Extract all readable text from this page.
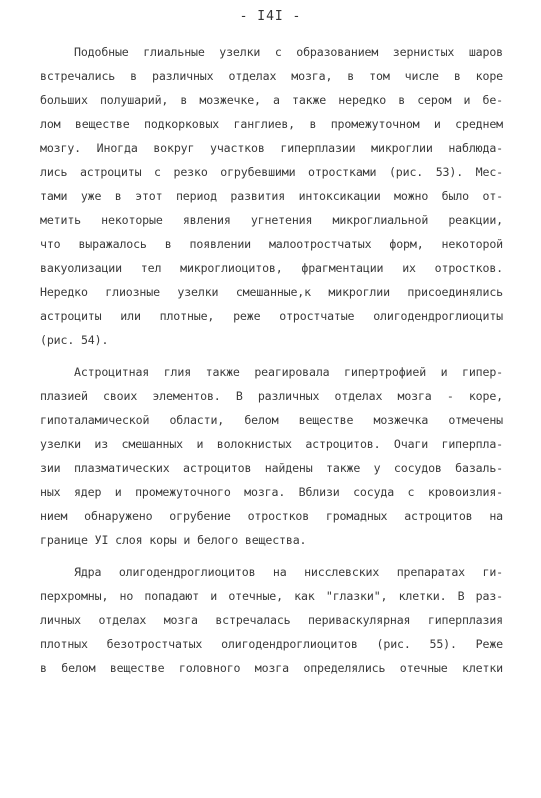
- I4I -
Подобные глиальные узелки с образованием зернистых шаров
встречались в различных отделах мозга, в том числе в коре
больших полушарий, в мозжечке, а также нередко в сером и бе-
лом веществе подкорковых ганглиев, в промежуточном и среднем
мозгу. Иногда вокруг участков гиперплазии микроглии наблюда-
лись астроциты с резко огрубевшими отростками (рис. 53). Мес-
тами уже в этот период развития интоксикации можно было от-
метить некоторые явления угнетения микроглиальной реакции,
что выражалось в появлении малоотростчатых форм, некоторой
вакуолизации тел микроглиоцитов, фрагментации их отростков.
Нередко глиозные узелки смешанные,к микроглии присоединялись
астроциты или плотные, реже отростчатые олигодендроглиоциты
(рис. 54).
Астроцитная глия также реагировала гипертрофией и гипер-
плазией своих элементов. В различных отделах мозга - коре,
гипоталамической области, белом веществе мозжечка отмечены
узелки из смешанных и волокнистых астроцитов. Очаги гиперпла-
зии плазматических астроцитов найдены также у сосудов базаль-
ных ядер и промежуточного мозга. Вблизи сосуда с кровоизлия-
нием обнаружено огрубение отростков громадных астроцитов на
границе УI слоя коры и белого вещества.
Ядра олигодендроглиоцитов на нисслевских препаратах ги-
перхромны, но попадают и отечные, как "глазки", клетки. В раз-
личных отделах мозга встречалась периваскулярная гиперплазия
плотных безотростчатых олигодендроглиоцитов (рис. 55). Реже
в белом веществе головного мозга определялись отечные клетки
